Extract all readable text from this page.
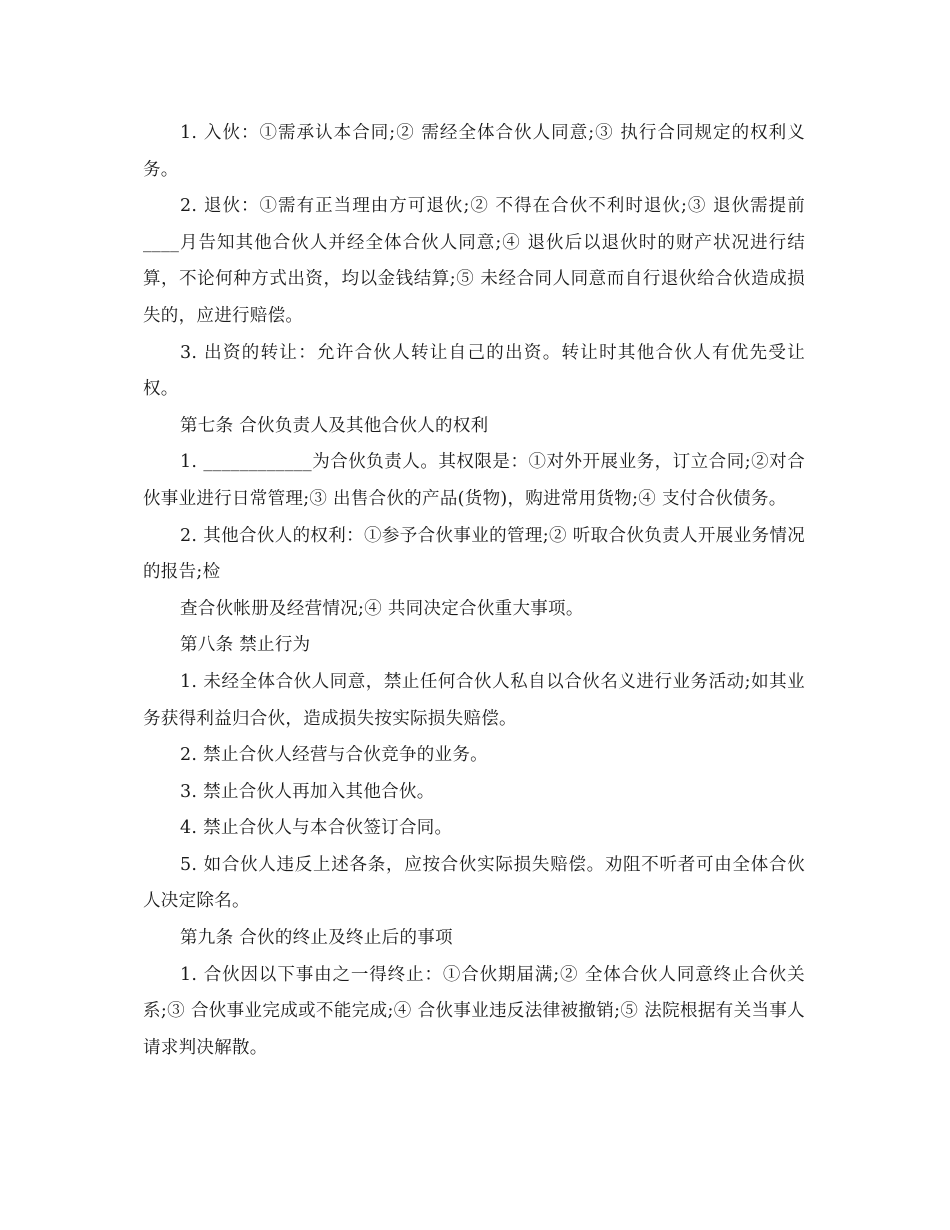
1. 入伙：①需承认本合同;② 需经全体合伙人同意;③ 执行合同规定的权利义务。

2. 退伙：①需有正当理由方可退伙;② 不得在合伙不利时退伙;③ 退伙需提前____月告知其他合伙人并经全体合伙人同意;④ 退伙后以退伙时的财产状况进行结算，不论何种方式出资，均以金钱结算;⑤ 未经合同人同意而自行退伙给合伙造成损失的，应进行赔偿。

3. 出资的转让：允许合伙人转让自己的出资。转让时其他合伙人有优先受让权。

第七条 合伙负责人及其他合伙人的权利

1. ____________为合伙负责人。其权限是：①对外开展业务，订立合同;②对合伙事业进行日常管理;③ 出售合伙的产品(货物)，购进常用货物;④ 支付合伙债务。

2. 其他合伙人的权利：①参予合伙事业的管理;② 听取合伙负责人开展业务情况的报告;检

查合伙帐册及经营情况;④ 共同决定合伙重大事项。

第八条 禁止行为

1. 未经全体合伙人同意，禁止任何合伙人私自以合伙名义进行业务活动;如其业务获得利益归合伙，造成损失按实际损失赔偿。

2. 禁止合伙人经营与合伙竞争的业务。

3. 禁止合伙人再加入其他合伙。

4. 禁止合伙人与本合伙签订合同。

5. 如合伙人违反上述各条，应按合伙实际损失赔偿。劝阻不听者可由全体合伙人决定除名。

第九条 合伙的终止及终止后的事项

1. 合伙因以下事由之一得终止：①合伙期届满;② 全体合伙人同意终止合伙关系;③ 合伙事业完成或不能完成;④ 合伙事业违反法律被撤销;⑤ 法院根据有关当事人请求判决解散。
